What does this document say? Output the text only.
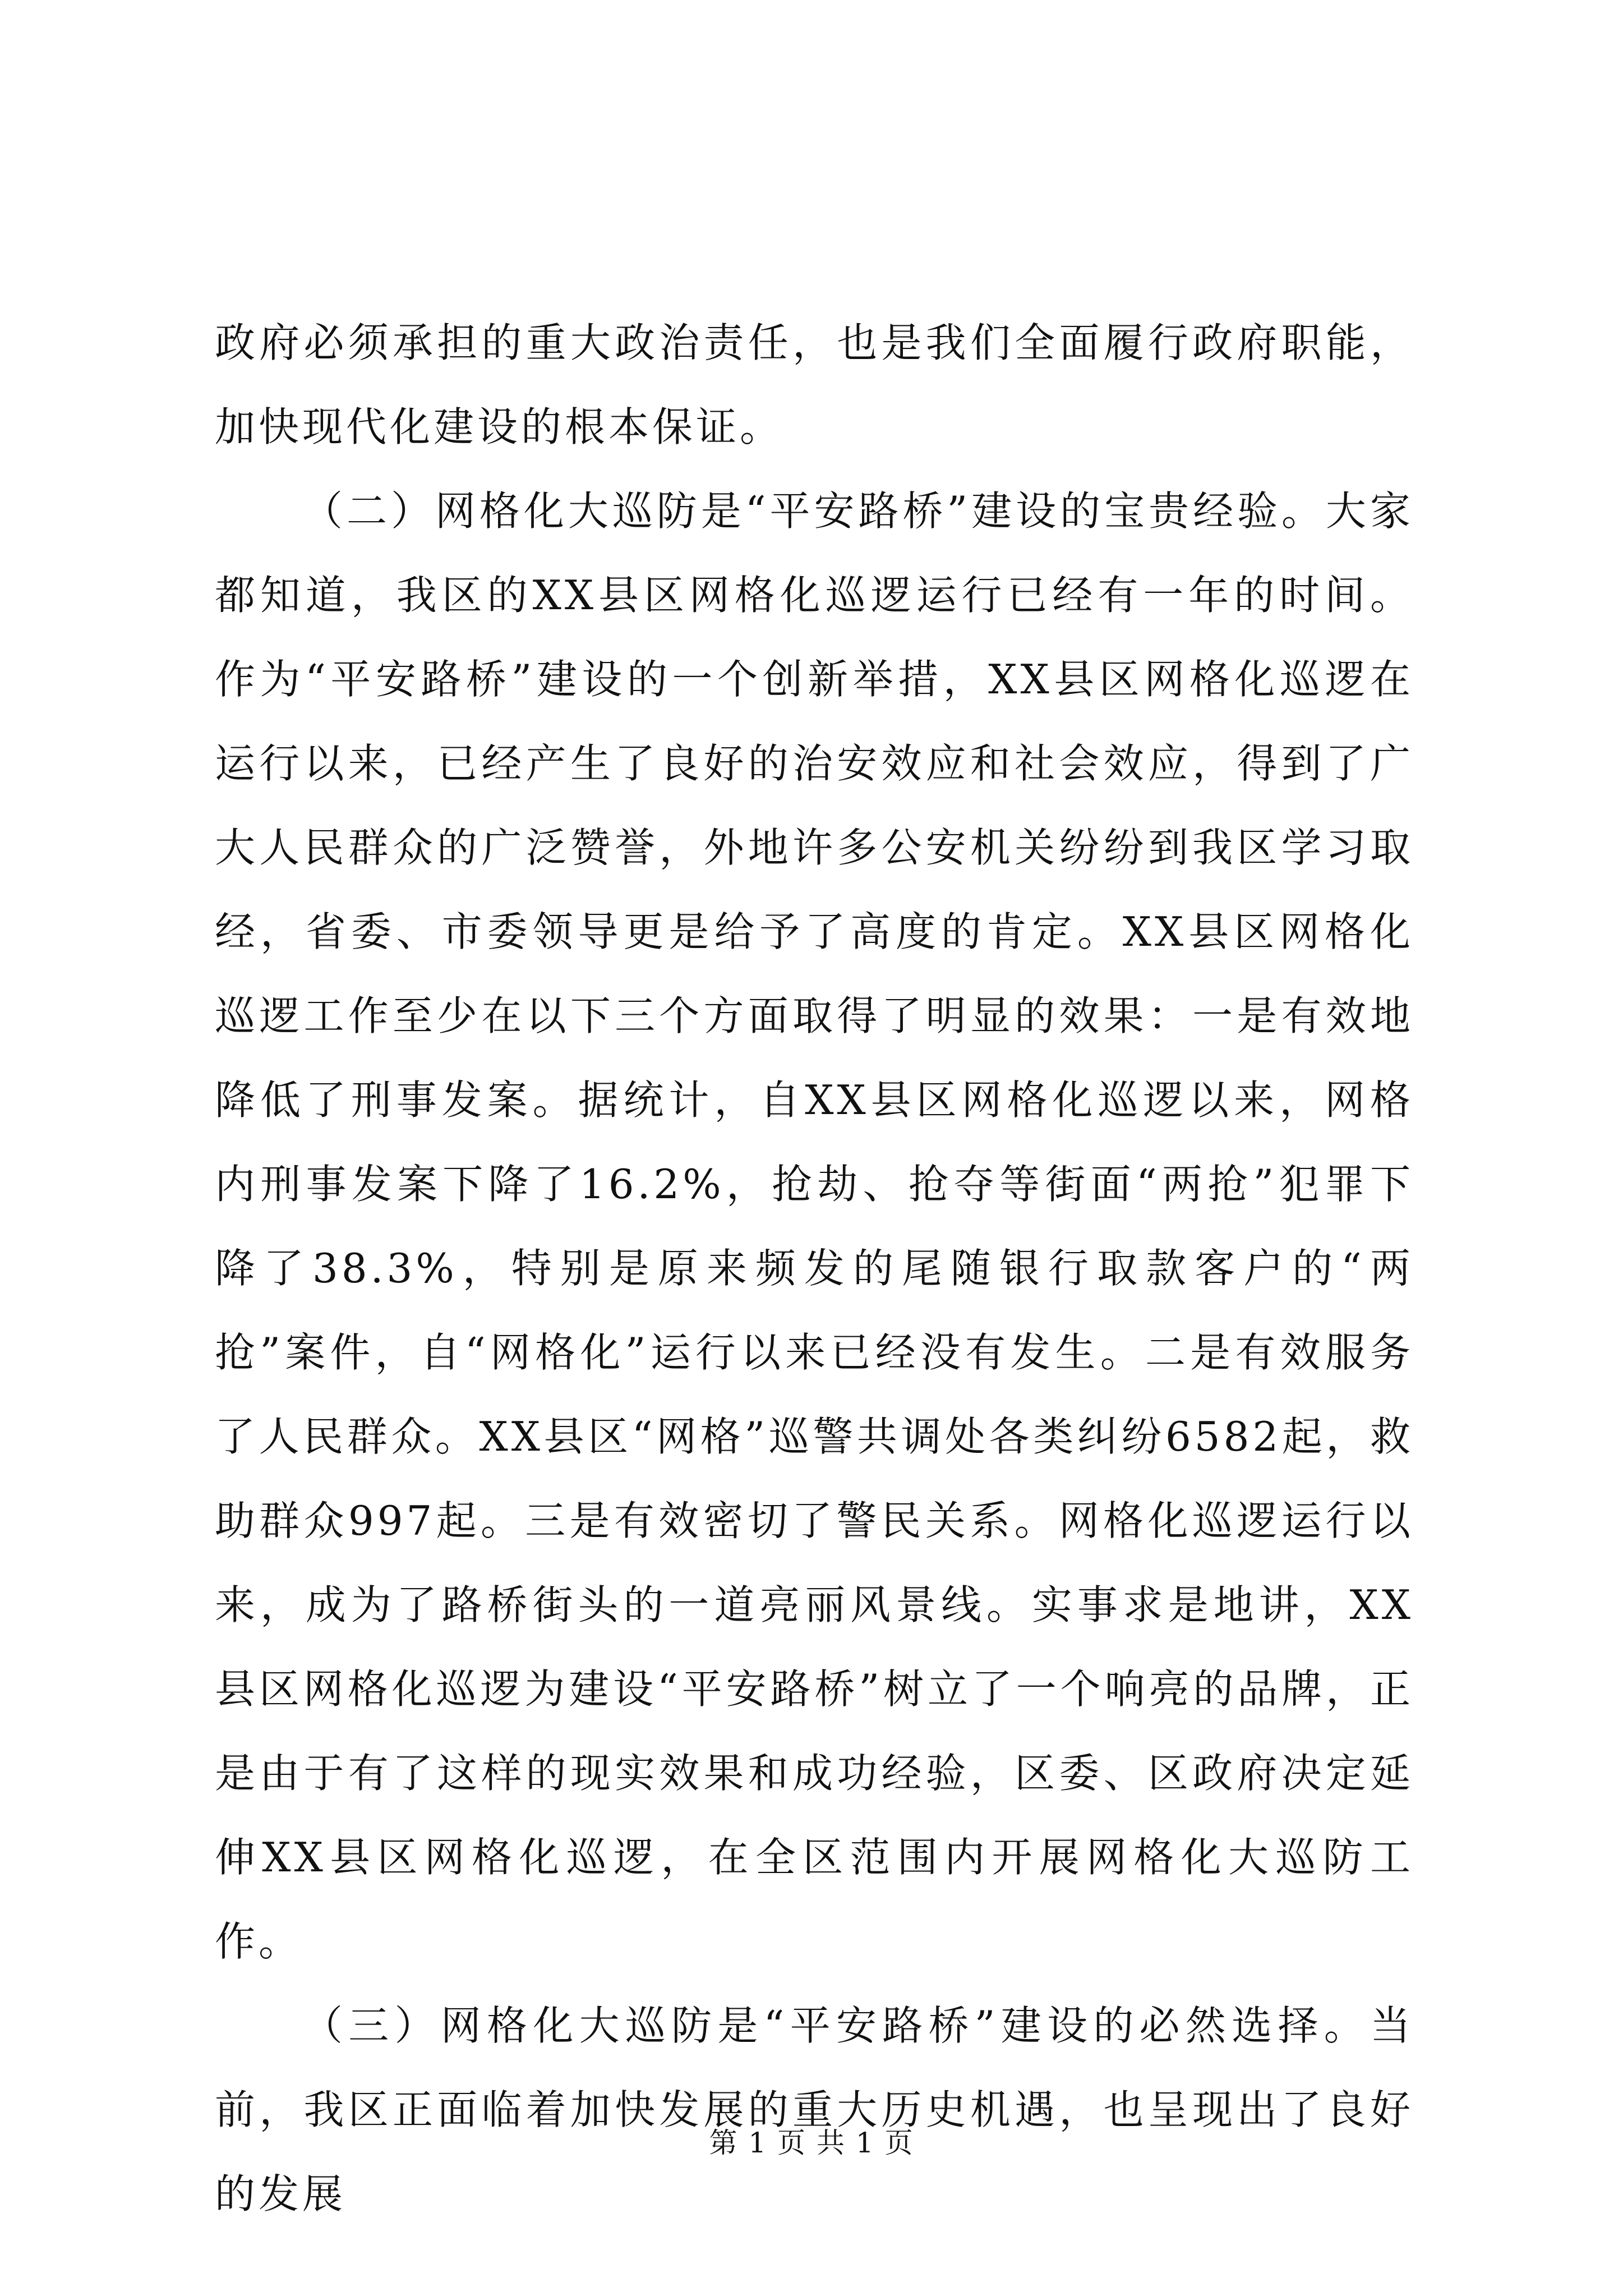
政府必须承担的重大政治责任，也是我们全面履行政府职能，加快现代化建设的根本保证。

（二）网格化大巡防是“平安路桥”建设的宝贵经验。大家都知道，我区的XX县区网格化巡逻运行已经有一年的时间。作为“平安路桥”建设的一个创新举措，XX县区网格化巡逻在运行以来，已经产生了良好的治安效应和社会效应，得到了广大人民群众的广泛赞誉，外地许多公安机关纷纷到我区学习取经，省委、市委领导更是给予了高度的肯定。XX县区网格化巡逻工作至少在以下三个方面取得了明显的效果：一是有效地降低了刑事发案。据统计，自XX县区网格化巡逻以来，网格内刑事发案下降了16.2%，抢劫、抢夺等街面“两抢”犯罪下降了38.3%，特别是原来频发的尾随银行取款客户的“两抢”案件，自“网格化”运行以来已经没有发生。二是有效服务了人民群众。XX县区“网格”巡警共调处各类纠纷6582起，救助群众997起。三是有效密切了警民关系。网格化巡逻运行以来，成为了路桥街头的一道亮丽风景线。实事求是地讲，XX县区网格化巡逻为建设“平安路桥”树立了一个响亮的品牌，正是由于有了这样的现实效果和成功经验，区委、区政府决定延伸XX县区网格化巡逻，在全区范围内开展网格化大巡防工作。

（三）网格化大巡防是“平安路桥”建设的必然选择。当前，我区正面临着加快发展的重大历史机遇，也呈现出了良好的发展

第 1 页 共 1 页
